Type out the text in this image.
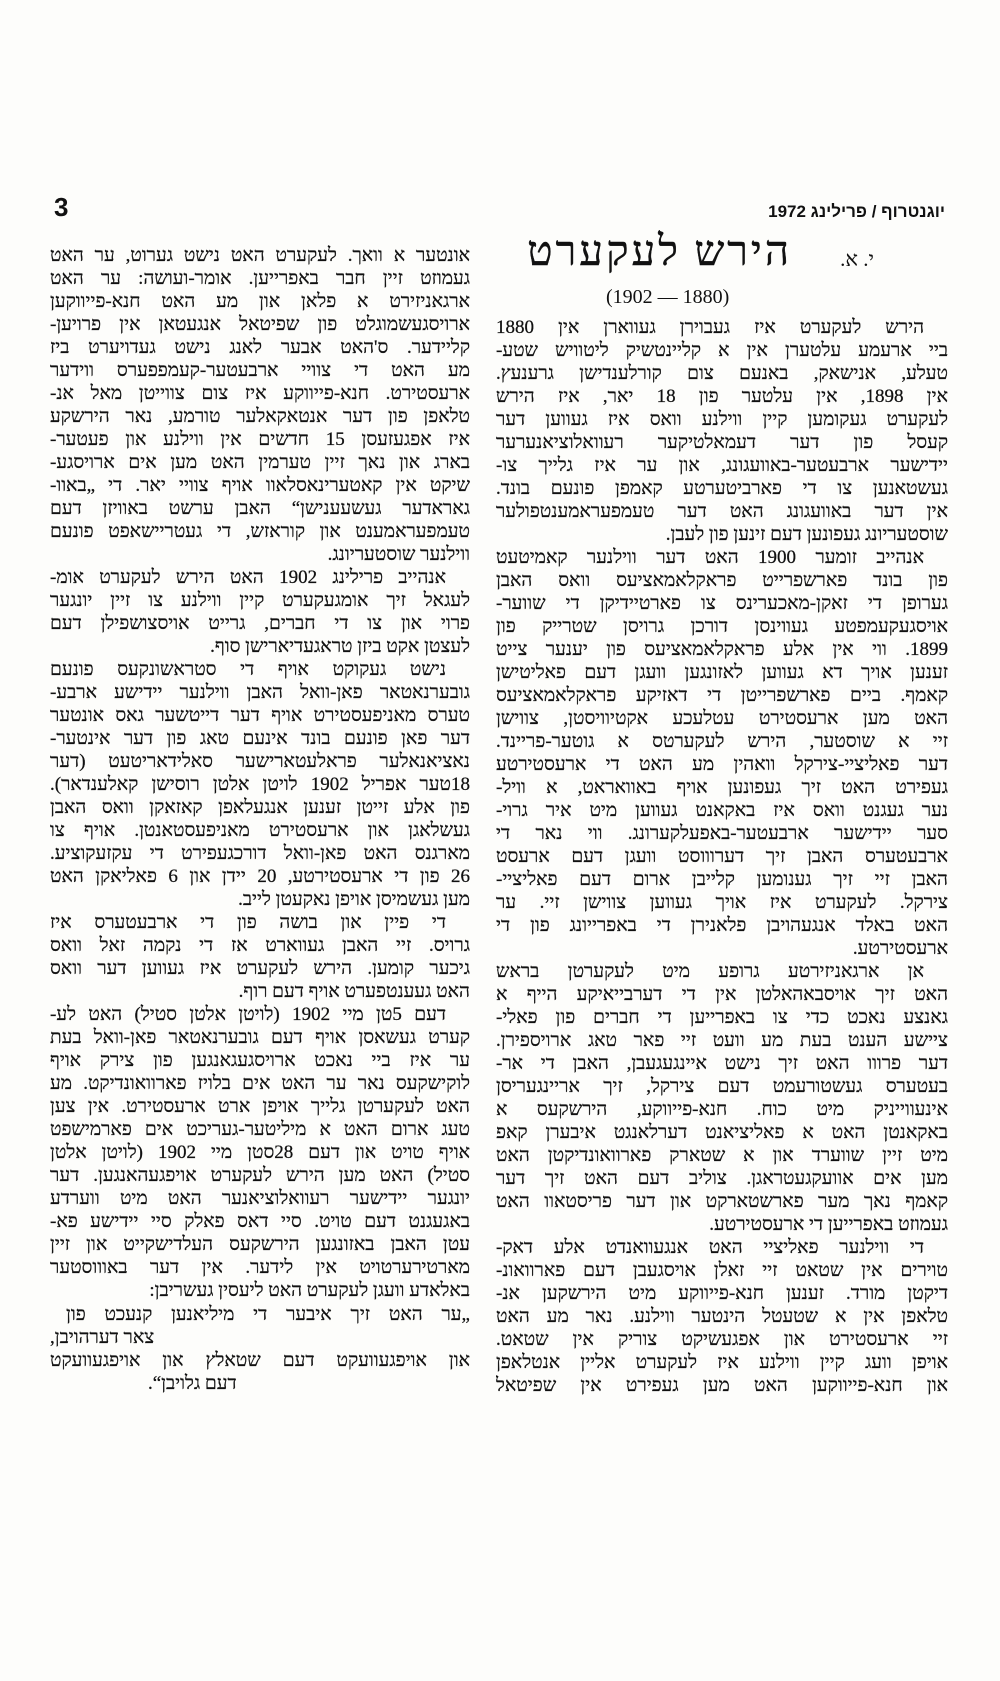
3	יוגנטרוף / פרילינג 1972
י. א.
הירש לעקערט
(1880 — 1902)
הירש לעקערט איז געבוירן געווארן אין 1880
ביי ארעמע עלטערן אין א קליינטשיק ליטוויש שטע-
טעלע, אנישאק, באנעם צום קורלענדישן גרענעץ.
אין 1898, אין עלטער פון 18 יאר, איז הירש
לעקערט געקומען קיין ווילנע וואס איז געווען דער
קעסל פון דער דעמאלטיקער רעוואלוציאנערער
יידישער ארבעטער-באוועגונג, און ער איז גלייך צו-
געשטאנען צו די פארביטערטע קאמפן פונעם בונד.
אין דער באוועגונג האט דער טעמפעראמענטפולער
שוסטעריונג געפונען דעם זינען פון לעבן.
אנהייב זומער 1900 האט דער ווילנער קאמיטעט
פון בונד פארשפרייט פראקלאמאציעס וואס האבן
גערופן די זאקן-מאכערינס צו פארטיידיקן די שווער-
אויסגעקעמפטע געווינסן דורכן גרויסן שטרייק פון
1899. ווי אין אלע פראקלאמאציעס פון יענער צייט
זענען אויך דא געווען לאזונגען וועגן דעם פאליטישן
קאמף. ביים פארשפרייטן די דאזיקע פראקלאמאציעס
האט מען ארעסטירט עטלעכע אקטיוויסטן, צווישן
זיי א שוסטער, הירש לעקערטס א גוטער-פריינד.
דער פאליציי-צירקל וואהין מע האט די ארעסטירטע
געפירט האט זיך געפונען אויף באוואראט, א וויל-
נער געגנט וואס איז באקאנט געווען מיט איר גרוי-
סער יידישער ארבעטער-באפעלקערונג. ווי נאר די
ארבעטערס האבן זיך דערוווסט וועגן דעם ארעסט
האבן זיי זיך גענומען קלייבן ארום דעם פאליציי-
צירקל. לעקערט איז אויך געווען צווישן זיי. ער
האט באלד אנגעהויבן פלאנירן די באפרייונג פון די
ארעסטירטע.
אן ארגאניזירטע גרופע מיט לעקערטן בראש
האט זיך אויסבאהאלטן אין די דערבייאיקע הייף א
גאנצע נאכט כדי צו באפרייען די חברים פון פאלי-
ציישע הענט בעת מע וועט זיי פאר טאג ארויספירן.
דער פרווו האט זיך נישט איינגעגעבן, האבן די אר-
בעטערס געשטורעמט דעם צירקל, זיך אריינגעריסן
אינעווייניק מיט כוח. חנא-פייווקע, הירשקעס א
באקאנטן האט א פאליציאנט דערלאנגט איבערן קאפ
מיט זיין שווערד און א שטארק פארוואונדיקטן האט
מען אים אוועקגעטראגן. צוליב דעם האט זיך דער
קאמף נאך מער פארשטארקט און דער פריסטאוו האט
געמוזט באפרייען די ארעסטירטע.
די ווילנער פאליציי האט אנגעוואנדט אלע דאק-
טוירים אין שטאט זיי זאלן אויסגעבן דעם פארוואונ-
דיקטן מורד. זענען חנא-פייווקע מיט הירשקען אנ-
טלאפן אין א שטעטל הינטער ווילנע. נאר מע האט
זיי ארעסטירט און אפגעשיקט צוריק אין שטאט.
אויפן וועג קיין ווילנע איז לעקערט אליין אנטלאפן
און חנא-פייווקען האט מען געפירט אין שפיטאל
אונטער א וואך. לעקערט האט נישט גערוט, ער האט
געמוזט זיין חבר באפרייען. אומר-ועושה: ער האט
ארגאניזירט א פלאן און מע האט חנא-פייווקען
ארויסגעשמוגלט פון שפיטאל אנגעטאן אין פרויען-
קליידער. ס'האט אבער לאנג נישט געדויערט ביז
מע האט די צוויי ארבעטער-קעמפפערס ווידער
ארעסטירט. חנא-פייווקע איז צום צווייטן מאל אנ-
טלאפן פון דער אנטאקאלער טורמע, נאר הירשקע
איז אפגעזעסן 15 חדשים אין ווילנע און פעטער-
בארג און נאך זיין טערמין האט מען אים ארויסגע-
שיקט אין קאטערינאסלאוו אויף צוויי יאר. די „באוו-
גאראדער געשעענישן“ האבן ערשט באוויזן דעם
טעמפעראמענט און קוראזש, די געטריישאפט פונעם
ווילנער שוסטעריונג.
אנהייב פרילינג 1902 האט הירש לעקערט אומ-
לעגאל זיך אומגעקערט קיין ווילנע צו זיין יונגער
פרוי און צו די חברים, גרייט אויסצושפילן דעם
לעצטן אקט ביזן טראגעדיארישן סוף.
נישט געקוקט אויף די סטראשונקעס פונעם
גובערנאטאר פאן-וואל האבן ווילנער יידישע ארבע-
טערס מאניפעסטירט אויף דער דייטשער גאס אונטער
דער פאן פונעם בונד אינעם טאג פון דער אינטער-
נאציאנאלער פראלעטארישער סאלידאריטעט (דער
18טער אפריל 1902 לויטן אלטן רוסישן קאלענדאר).
פון אלע זייטן זענען אנגעלאפן קאזאקן וואס האבן
געשלאגן און ארעסטירט מאניפעסטאנטן. אויף צו
מארגנס האט פאן-וואל דורכגעפירט די עקזעקוציע.
26 פון די ארעסטירטע, 20 יידן און 6 פאליאקן האט
מען געשמיסן אויפן נאקעטן לייב.
די פיין און בושה פון די ארבעטערס איז
גרויס. זיי האבן געווארט אז די נקמה זאל וואס
גיכער קומען. הירש לעקערט איז געווען דער וואס
האט געענטפערט אויף דעם רוף.
דעם 5טן מיי 1902 (לויטן אלטן סטיל) האט לע-
קערט געשאסן אויף דעם גובערנאטאר פאן-וואל בעת
ער איז ביי נאכט ארויסגעגאנגען פון צירק אויף
לוקישקעס נאר ער האט אים בלויז פארוואונדיקט. מע
האט לעקערטן גלייך אויפן ארט ארעסטירט. אין צען
טעג ארום האט א מיליטער-געריכט אים פארמישפט
אויף טויט און דעם 28סטן מיי 1902 (לויטן אלטן
סטיל) האט מען הירש לעקערט אויפגעהאנגען. דער
יונגער יידישער רעוואלוציאנער האט מיט ווערדע
באגעגנט דעם טויט. סיי דאס פאלק סיי יידישע פא-
עטן האבן באזונגען הירשקעס העלדישקייט און זיין
מארטירערטויט אין לידער. אין דער באוווסטער
באלאדע וועגן לעקערט האט ליעסין געשריבן:
„ער האט זיך איבער די מיליאנען קנעכט פון
צאר דערהויבן,
און אויפגעוועקט דעם שטאלץ און אויפגעוועקט
דעם גלויבן“.
